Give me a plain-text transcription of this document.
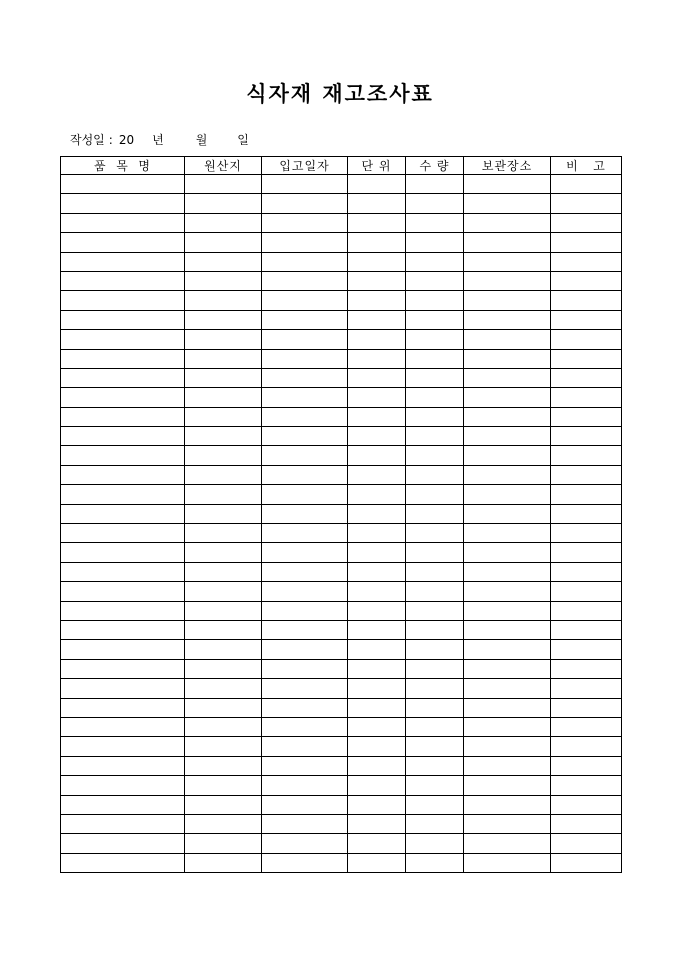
식자재 재고조사표
작성일 : 20 년	월	일
품  목  명	원산지	입고일자	단 위	수 량	보관장소	비   고
